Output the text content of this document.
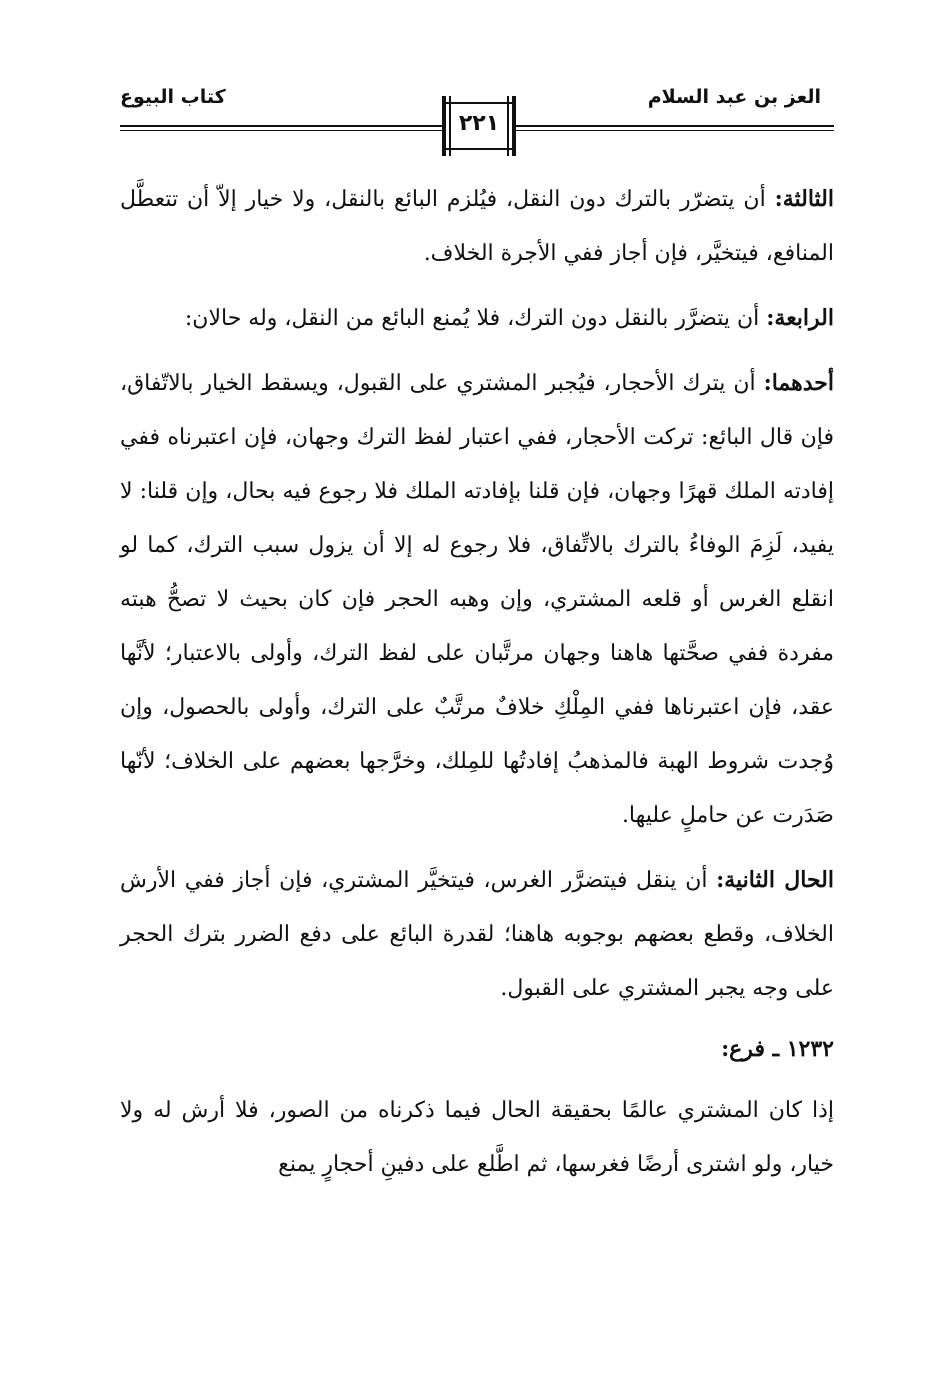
كتاب البيوع	العز بن عبد السلام
٢٢١

الثالثة: أن يتضرّر بالترك دون النقل، فيُلزم البائع بالنقل، ولا خيار إلاّ أن تتعطَّل المنافع، فيتخيَّر، فإن أجاز ففي الأجرة الخلاف.

الرابعة: أن يتضرَّر بالنقل دون الترك، فلا يُمنع البائع من النقل، وله حالان:

أحدهما: أن يترك الأحجار، فيُجبر المشتري على القبول، ويسقط الخيار بالاتّفاق، فإن قال البائع: تركت الأحجار، ففي اعتبار لفظ الترك وجهان، فإن اعتبرناه ففي إفادته الملك قهرًا وجهان، فإن قلنا بإفادته الملك فلا رجوع فيه بحال، وإن قلنا: لا يفيد، لَزِمَ الوفاءُ بالترك بالاتِّفاق، فلا رجوع له إلا أن يزول سبب الترك، كما لو انقلع الغرس أو قلعه المشتري، وإن وهبه الحجر فإن كان بحيث لا تصحُّ هبته مفردة ففي صحَّتها هاهنا وجهان مرتَّبان على لفظ الترك، وأولى بالاعتبار؛ لأنَّها عقد، فإن اعتبرناها ففي المِلْكِ خلافٌ مرتَّبٌ على الترك، وأولى بالحصول، وإن وُجدت شروط الهبة فالمذهبُ إفادتُها للمِلك، وخرَّجها بعضهم على الخلاف؛ لأنّها صَدَرت عن حاملٍ عليها.

الحال الثانية: أن ينقل فيتضرَّر الغرس، فيتخيَّر المشتري، فإن أجاز ففي الأرش الخلاف، وقطع بعضهم بوجوبه هاهنا؛ لقدرة البائع على دفع الضرر بترك الحجر على وجه يجبر المشتري على القبول.

١٢٣٢ ـ فرع:

إذا كان المشتري عالمًا بحقيقة الحال فيما ذكرناه من الصور، فلا أرش له ولا خيار، ولو اشترى أرضًا فغرسها، ثم اطَّلع على دفينِ أحجارٍ يمنع
